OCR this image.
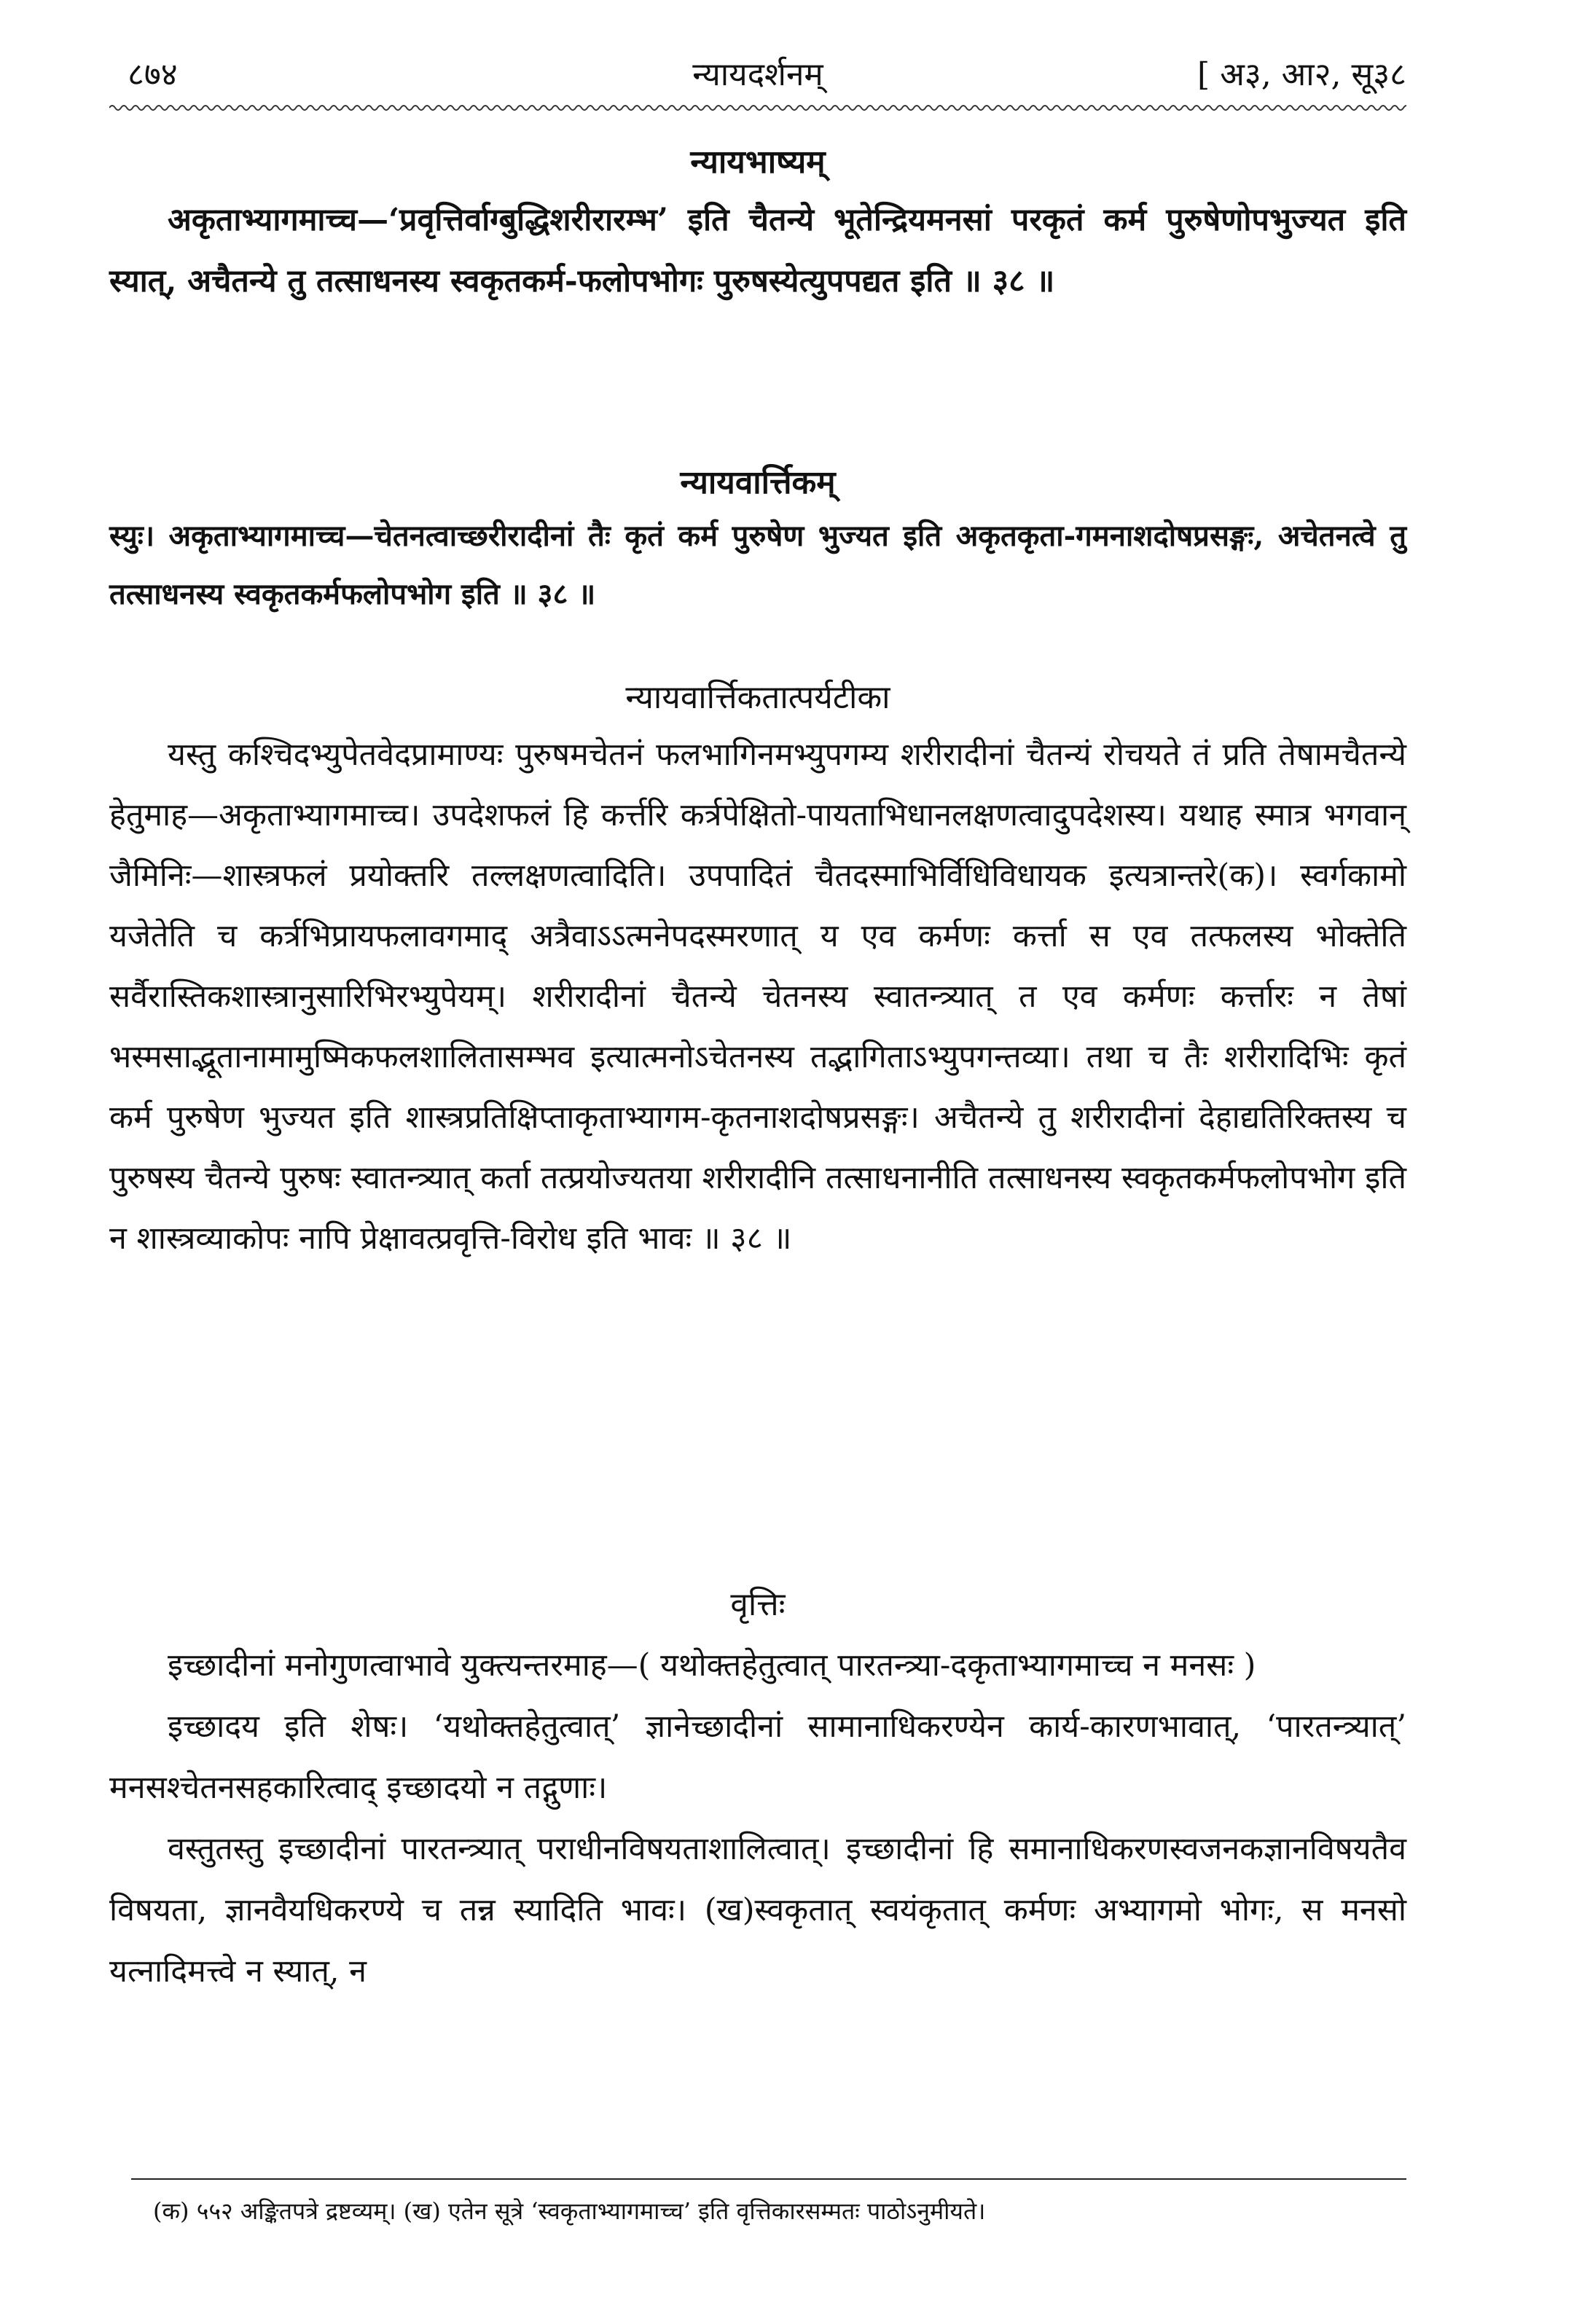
८७४	न्यायदर्शनम्	[ अ३, आ२, सू३८

न्यायभाष्यम्

अकृताभ्यागमाच्च—‘प्रवृत्तिर्वाग्बुद्धिशरीरारम्भ’ इति चैतन्ये भूतेन्द्रियमनसां परकृतं कर्म पुरुषेणोपभुज्यत इति स्यात्, अचैतन्ये तु तत्साधनस्य स्वकृतकर्म-फलोपभोगः पुरुषस्येत्युपपद्यत इति ॥ ३८ ॥

न्यायवार्त्तिकम्

स्युः। अकृताभ्यागमाच्च—चेतनत्वाच्छरीरादीनां तैः कृतं कर्म पुरुषेण भुज्यत इति अकृतकृता-गमनाशदोषप्रसङ्गः, अचेतनत्वे तु तत्साधनस्य स्वकृतकर्मफलोपभोग इति ॥ ३८ ॥

न्यायवार्त्तिकतात्पर्यटीका

यस्तु कश्चिदभ्युपेतवेदप्रामाण्यः पुरुषमचेतनं फलभागिनमभ्युपगम्य शरीरादीनां चैतन्यं रोचयते तं प्रति तेषामचैतन्ये हेतुमाह—अकृताभ्यागमाच्च। उपदेशफलं हि कर्त्तरि कर्त्रपेक्षितो-पायताभिधानलक्षणत्वादुपदेशस्य। यथाह स्मात्र भगवान् जैमिनिः—शास्त्रफलं प्रयोक्तरि तल्लक्षणत्वादिति। उपपादितं चैतदस्माभिर्विधिविधायक इत्यत्रान्तरे(क)। स्वर्गकामो यजेतेति च कर्त्रभिप्रायफलावगमाद् अत्रैवाऽऽत्मनेपदस्मरणात् य एव कर्मणः कर्त्ता स एव तत्फलस्य भोक्तेति सर्वैरास्तिकशास्त्रानुसारिभिरभ्युपेयम्। शरीरादीनां चैतन्ये चेतनस्य स्वातन्त्र्यात् त एव कर्मणः कर्त्तारः न तेषां भस्मसाद्भूतानामामुष्मिकफलशालितासम्भव इत्यात्मनोऽचेतनस्य तद्भागिताऽभ्युपगन्तव्या। तथा च तैः शरीरादिभिः कृतं कर्म पुरुषेण भुज्यत इति शास्त्रप्रतिक्षिप्ताकृताभ्यागम-कृतनाशदोषप्रसङ्गः। अचैतन्ये तु शरीरादीनां देहाद्यतिरिक्तस्य च पुरुषस्य चैतन्ये पुरुषः स्वातन्त्र्यात् कर्ता तत्प्रयोज्यतया शरीरादीनि तत्साधनानीति तत्साधनस्य स्वकृतकर्मफलोपभोग इति न शास्त्रव्याकोपः नापि प्रेक्षावत्प्रवृत्ति-विरोध इति भावः ॥ ३८ ॥

वृत्तिः

इच्छादीनां मनोगुणत्वाभावे युक्त्यन्तरमाह—( यथोक्तहेतुत्वात् पारतन्त्र्या-दकृताभ्यागमाच्च न मनसः )

इच्छादय इति शेषः। ‘यथोक्तहेतुत्वात्’ ज्ञानेच्छादीनां सामानाधिकरण्येन कार्य-कारणभावात्, ‘पारतन्त्र्यात्’ मनसश्चेतनसहकारित्वाद् इच्छादयो न तद्गुणाः।

वस्तुतस्तु इच्छादीनां पारतन्त्र्यात् पराधीनविषयताशालित्वात्। इच्छादीनां हि समानाधिकरणस्वजनकज्ञानविषयतैव विषयता, ज्ञानवैयधिकरण्ये च तन्न स्यादिति भावः। (ख)स्वकृतात् स्वयंकृतात् कर्मणः अभ्यागमो भोगः, स मनसो यत्नादिमत्त्वे न स्यात्, न

(क) ५५२ अङ्कितपत्रे द्रष्टव्यम्। (ख) एतेन सूत्रे ‘स्वकृताभ्यागमाच्च’ इति वृत्तिकारसम्मतः पाठोऽनुमीयते।
